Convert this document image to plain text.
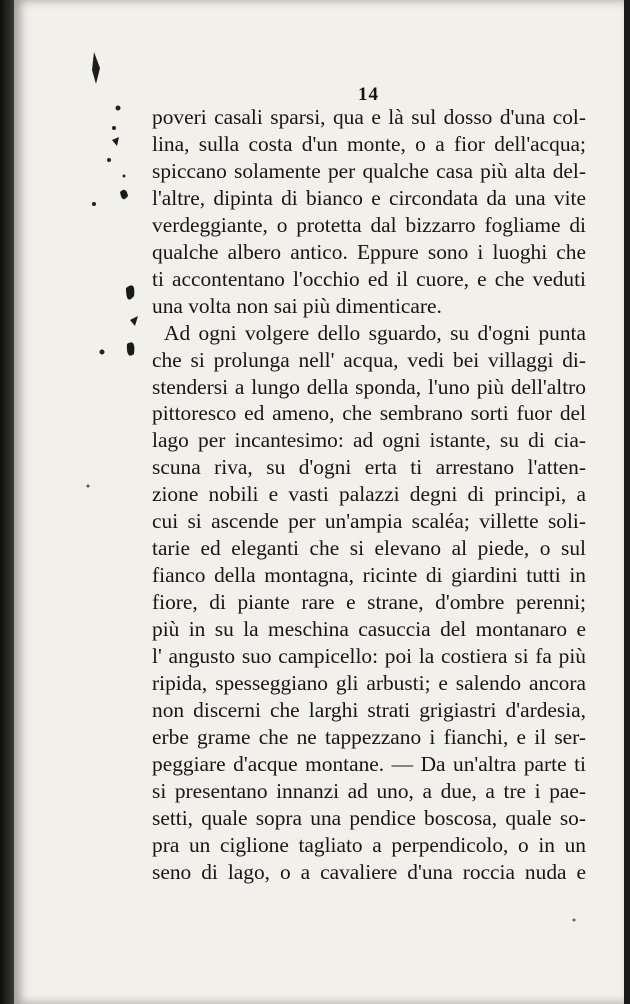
14
poveri casali sparsi, qua e là sul dosso d'una col-
lina, sulla costa d'un monte, o a fior dell'acqua;
spiccano solamente per qualche casa più alta del-
l'altre, dipinta di bianco e circondata da una vite
verdeggiante, o protetta dal bizzarro fogliame di
qualche albero antico. Eppure sono i luoghi che
ti accontentano l'occhio ed il cuore, e che veduti
una volta non sai più dimenticare.
Ad ogni volgere dello sguardo, su d'ogni punta
che si prolunga nell' acqua, vedi bei villaggi di-
stendersi a lungo della sponda, l'uno più dell'altro
pittoresco ed ameno, che sembrano sorti fuor del
lago per incantesimo: ad ogni istante, su di cia-
scuna riva, su d'ogni erta ti arrestano l'atten-
zione nobili e vasti palazzi degni di principi, a
cui si ascende per un'ampia scaléa; villette soli-
tarie ed eleganti che si elevano al piede, o sul
fianco della montagna, ricinte di giardini tutti in
fiore, di piante rare e strane, d'ombre perenni;
più in su la meschina casuccia del montanaro e
l' angusto suo campicello: poi la costiera si fa più
ripida, spesseggiano gli arbusti; e salendo ancora
non discerni che larghi strati grigiastri d'ardesia,
erbe grame che ne tappezzano i fianchi, e il ser-
peggiare d'acque montane. — Da un'altra parte ti
si presentano innanzi ad uno, a due, a tre i pae-
setti, quale sopra una pendice boscosa, quale so-
pra un ciglione tagliato a perpendicolo, o in un
seno di lago, o a cavaliere d'una roccia nuda e
